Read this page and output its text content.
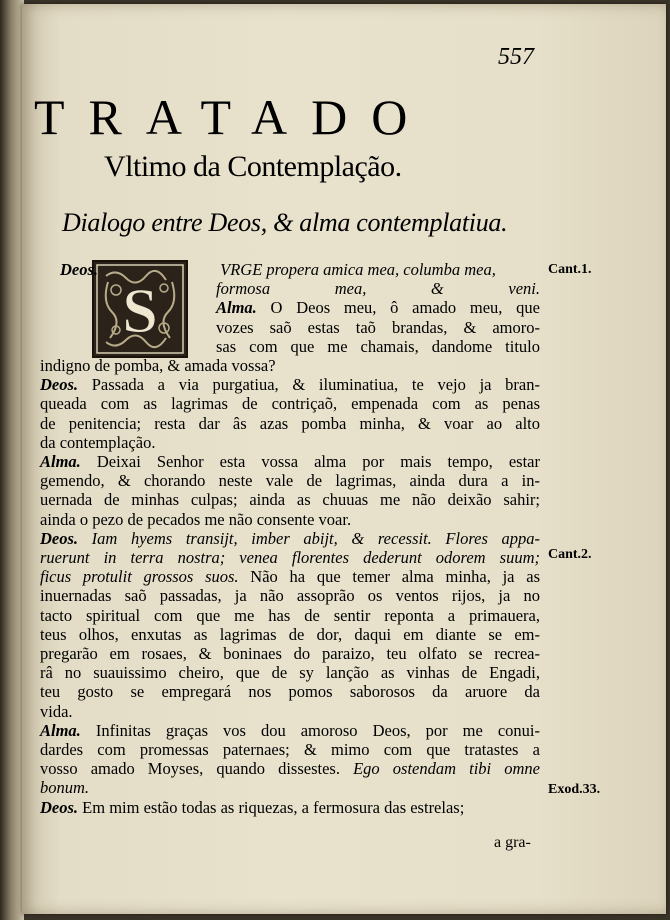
557
TRATADO
Vltimo da Contemplação.
Dialogo entre Deos, & alma contemplatiua.
S
Deos.	VRGE propera amica mea, columba mea,
formosa mea, & veni.
Alma. O Deos meu, ô amado meu, que
vozes saõ estas taõ brandas, & amoro-
sas com que me chamais, dandome titulo
indigno de pomba, & amada vossa?
Deos. Passada a via purgatiua, & iluminatiua, te vejo ja bran-
queada com as lagrimas de contriçaõ, empenada com as penas
de penitencia; resta dar âs azas pomba minha, & voar ao alto
da contemplação.
Alma. Deixai Senhor esta vossa alma por mais tempo, estar
gemendo, & chorando neste vale de lagrimas, ainda dura a in-
uernada de minhas culpas; ainda as chuuas me não deixão sahir;
ainda o pezo de pecados me não consente voar.
Deos. Iam hyems transijt, imber abijt, & recessit. Flores appa-
ruerunt in terra nostra; venea florentes dederunt odorem suum;
ficus protulit grossos suos. Não ha que temer alma minha, ja as
inuernadas saõ passadas, ja não assoprão os ventos rijos, ja no
tacto spiritual com que me has de sentir reponta a primauera,
teus olhos, enxutas as lagrimas de dor, daqui em diante se em-
pregarão em rosaes, & boninaes do paraizo, teu olfato se recrea-
râ no suauissimo cheiro, que de sy lanção as vinhas de Engadi,
teu gosto se empregará nos pomos saborosos da aruore da
vida.
Alma. Infinitas graças vos dou amoroso Deos, por me conui-
dardes com promessas paternaes; & mimo com que tratastes a
vosso amado Moyses, quando dissestes. Ego ostendam tibi omne
bonum.
Deos. Em mim estão todas as riquezas, a fermosura das estrelas;
Cant.1.
Cant.2.
Exod.33.
a gra-
